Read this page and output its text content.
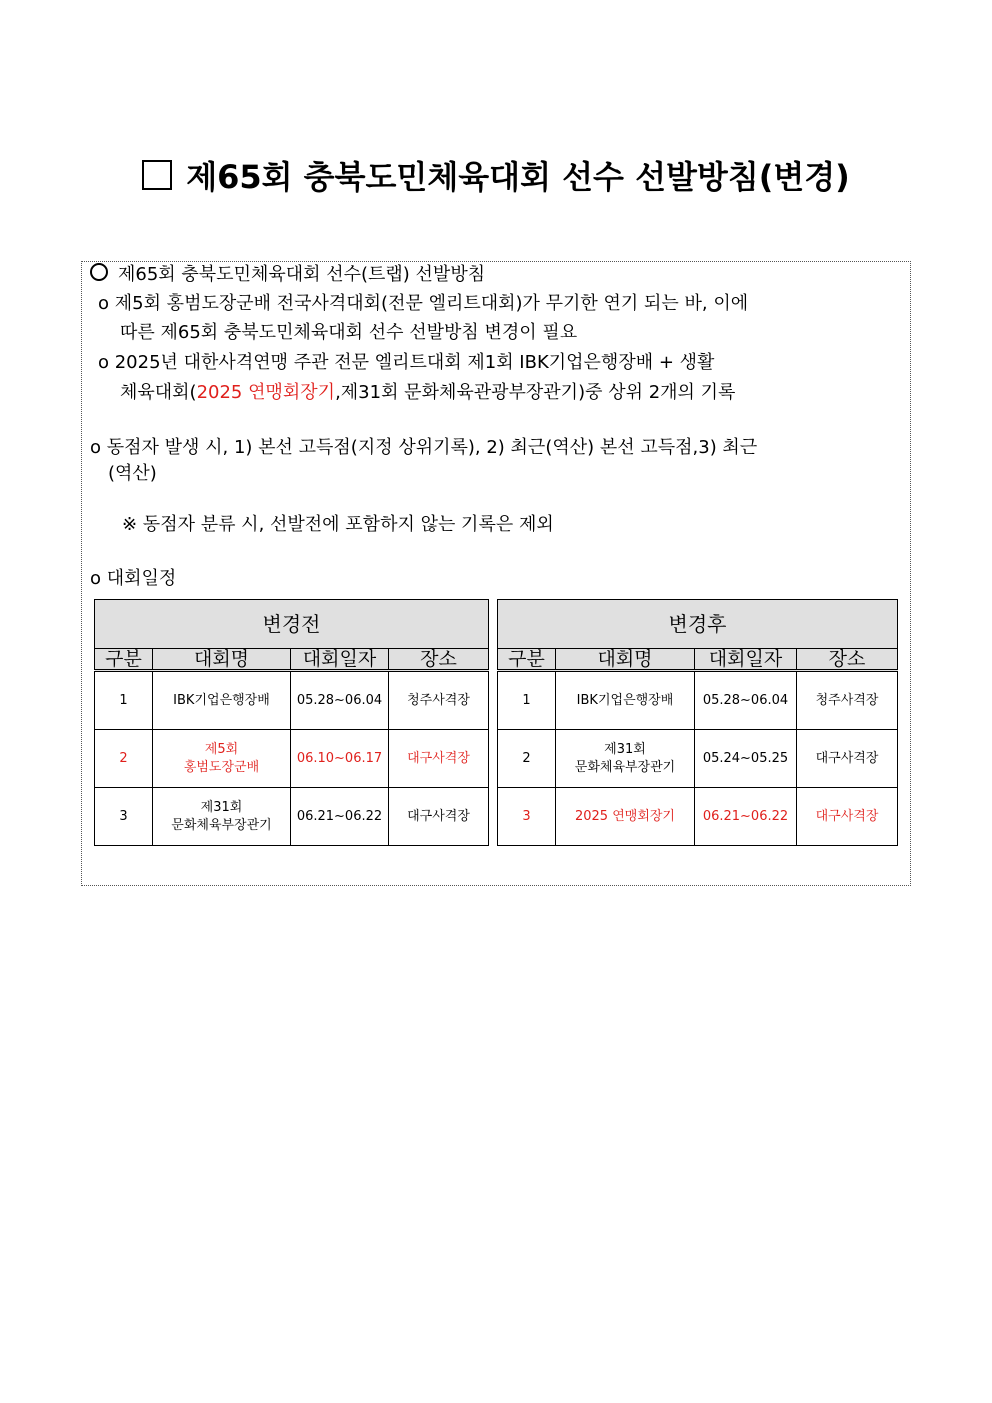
제65회 충북도민체육대회 선수 선발방침(변경)
제65회 충북도민체육대회 선수(트랩) 선발방침
o 제5회 홍범도장군배 전국사격대회(전문 엘리트대회)가 무기한 연기 되는 바, 이에
따른 제65회 충북도민체육대회 선수 선발방침 변경이 필요
o 2025년 대한사격연맹 주관 전문 엘리트대회 제1회 IBK기업은행장배 + 생활
체육대회(2025 연맹회장기,제31회 문화체육관광부장관기)중 상위 2개의 기록
o 동점자 발생 시, 1) 본선 고득점(지정 상위기록), 2) 최근(역산) 본선 고득점,3) 최근
(역산)
※ 동점자 분류 시, 선발전에 포함하지 않는 기록은 제외
o 대회일정
변경전			
구분	대회명	대회일자	장소

1	IBK기업은행장배	05.28~06.04	청주사격장

2	제5회
홍범도장군배	06.10~06.17	대구사격장

3	제31회
문화체육부장관기	06.21~06.22	대구사격장
변경후			
구분	대회명	대회일자	장소

1	IBK기업은행장배	05.28~06.04	청주사격장

2	제31회
문화체육부장관기	05.24~05.25	대구사격장

3	2025 연맹회장기	06.21~06.22	대구사격장
